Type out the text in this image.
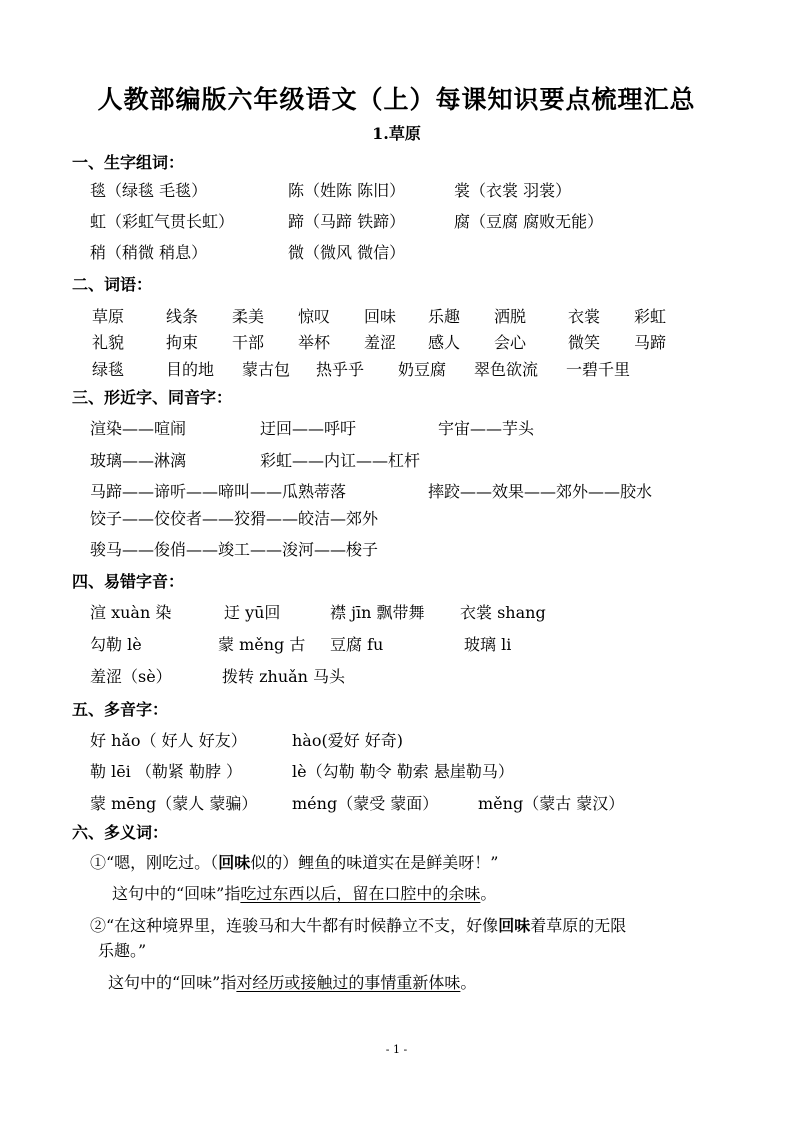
人教部编版六年级语文（上）每课知识要点梳理汇总
1.草原
一、生字组词：
毯（绿毯 毛毯）	陈（姓陈 陈旧）	裳（衣裳 羽裳）
虹（彩虹气贯长虹）	蹄（马蹄 铁蹄）	腐（豆腐 腐败无能）
稍（稍微 稍息）	微（微风 微信）
二、词语：
草原	线条 柔美 惊叹 回味 乐趣 洒脱	衣裳 彩虹
礼貌	拘束 干部 举杯 羞涩 感人 会心	微笑 马蹄
绿毯	目的地 蒙古包 热乎乎 奶豆腐 翠色欲流 一碧千里
三、形近字、同音字：
渲染——喧闹	迂回——呼吁	宇宙——芋头
玻璃——淋漓	彩虹——内讧——杠杆
马蹄——谛听——啼叫——瓜熟蒂落	摔跤——效果——郊外——胶水
饺子——佼佼者——狡猾——皎洁—郊外
骏马——俊俏——竣工——浚河——梭子
四、易错字音：
渲 xuàn 染	迂 yū回	襟 jīn 飘带舞 衣裳 shang
勾勒 lè	蒙 měng 古 豆腐 fu	玻璃 li
羞涩（sè）	拨转 zhuǎn 马头
五、多音字：
好 hǎo（ 好人 好友）	hào(爱好 好奇)
勒 lēi （勒紧 勒脖 ）	lè（勾勒 勒令 勒索 悬崖勒马）
蒙 mēng（蒙人 蒙骗） méng（蒙受 蒙面） měng（蒙古 蒙汉）
六、多义词：
①“嗯，刚吃过。（回味似的）鲤鱼的味道实在是鲜美呀！”
这句中的“回味”指吃过东西以后，留在口腔中的余味。
②“在这种境界里，连骏马和大牛都有时候静立不支，好像回味着草原的无限
乐趣。”
这句中的“回味”指对经历或接触过的事情重新体味。
- 1 -
